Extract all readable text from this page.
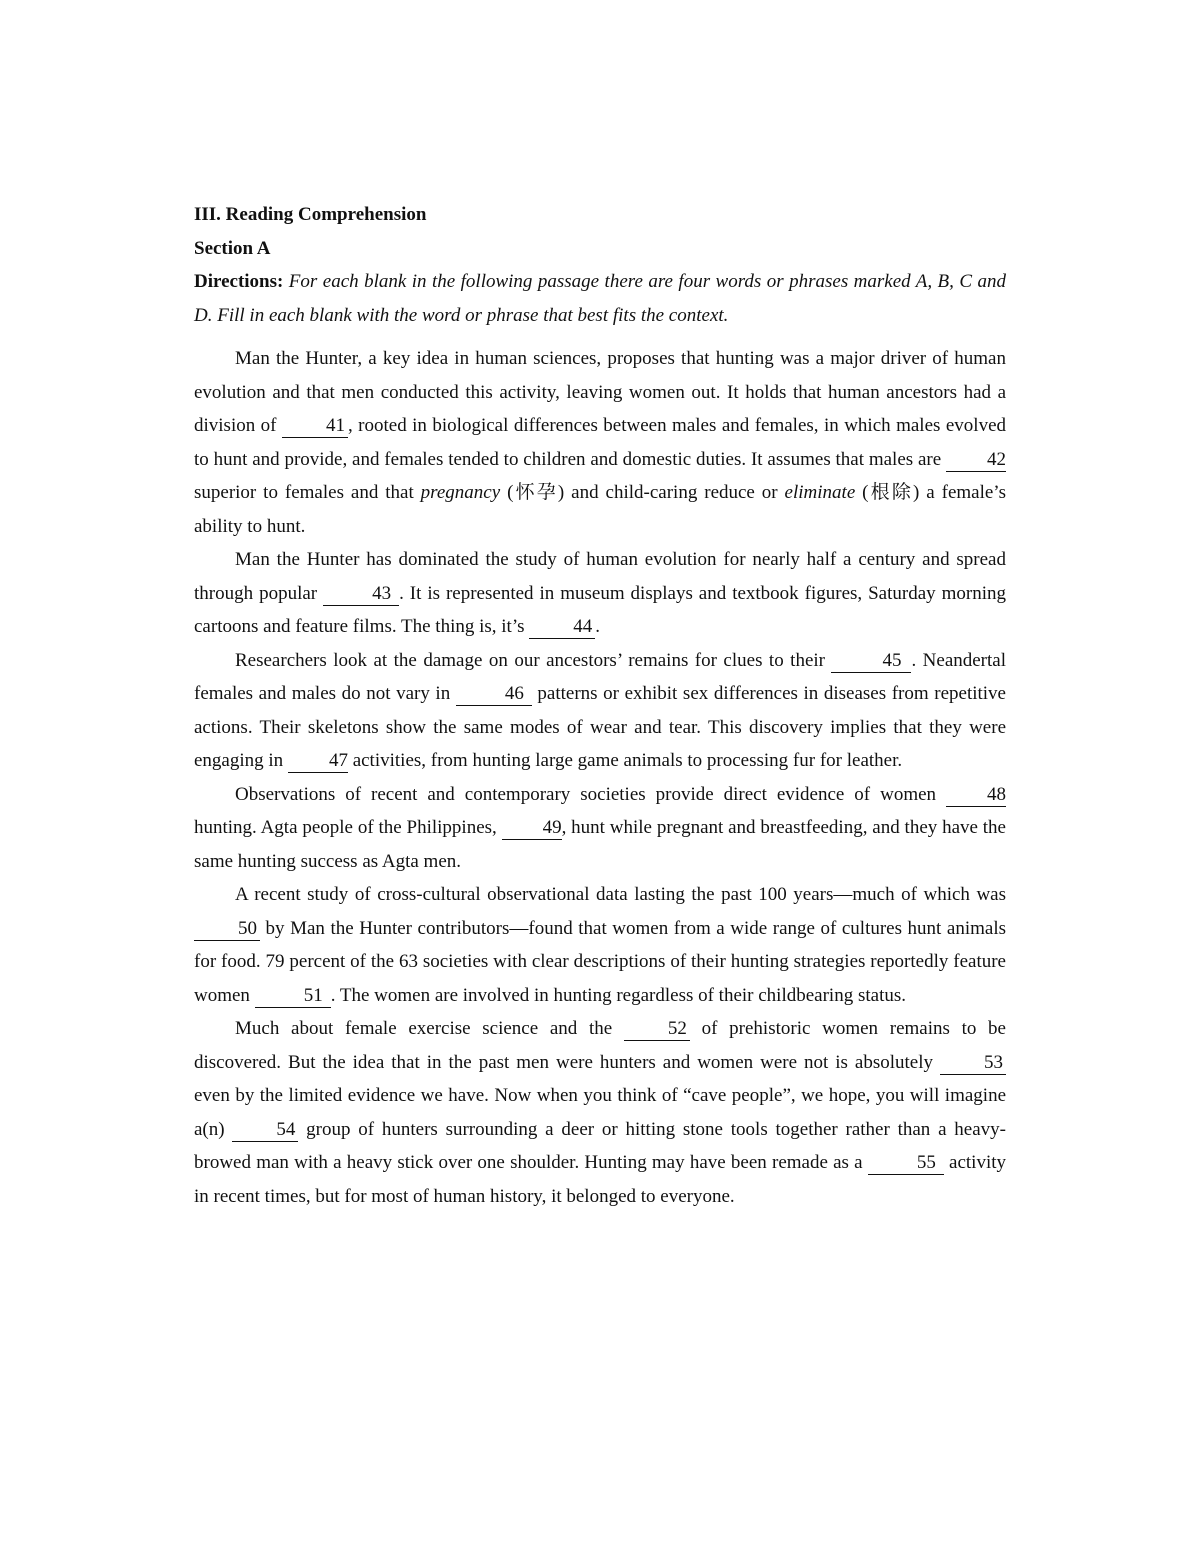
III. Reading Comprehension

Section A

Directions: For each blank in the following passage there are four words or phrases marked A, B, C and D. Fill in each blank with the word or phrase that best fits the context.

Man the Hunter, a key idea in human sciences, proposes that hunting was a major driver of human evolution and that men conducted this activity, leaving women out. It holds that human ancestors had a division of 41 , rooted in biological differences between males and females, in which males evolved to hunt and provide, and females tended to children and domestic duties. It assumes that males are 42 superior to females and that pregnancy (怀孕) and child-caring reduce or eliminate (根除) a female’s ability to hunt.

Man the Hunter has dominated the study of human evolution for nearly half a century and spread through popular	43 . It is represented in museum displays and textbook figures, Saturday morning cartoons and feature films. The thing is, it’s 44 .

Researchers look at the damage on our ancestors’ remains for clues to their	45 . Neandertal females and males do not vary in	46 patterns or exhibit sex differences in diseases from repetitive actions. Their skeletons show the same modes of wear and tear. This discovery implies that they were engaging in 47 activities, from hunting large game animals to processing fur for leather.

Observations of recent and contemporary societies provide direct evidence of women 48 hunting. Agta people of the Philippines, 49, hunt while pregnant and breastfeeding, and they have the same hunting success as Agta men.

A recent study of cross-cultural observational data lasting the past 100 years—much of which was 50 by Man the Hunter contributors—found that women from a wide range of cultures hunt animals for food. 79 percent of the 63 societies with clear descriptions of their hunting strategies reportedly feature women	51 . The women are involved in hunting regardless of their childbearing status.

Much about female exercise science and the 52 of prehistoric women remains to be discovered. But the idea that in the past men were hunters and women were not is absolutely 53 even by the limited evidence we have. Now when you think of “cave people”, we hope, you will imagine a(n) 54 group of hunters surrounding a deer or hitting stone tools together rather than a heavy-browed man with a heavy stick over one shoulder. Hunting may have been remade as a	55 activity in recent times, but for most of human history, it belonged to everyone.
